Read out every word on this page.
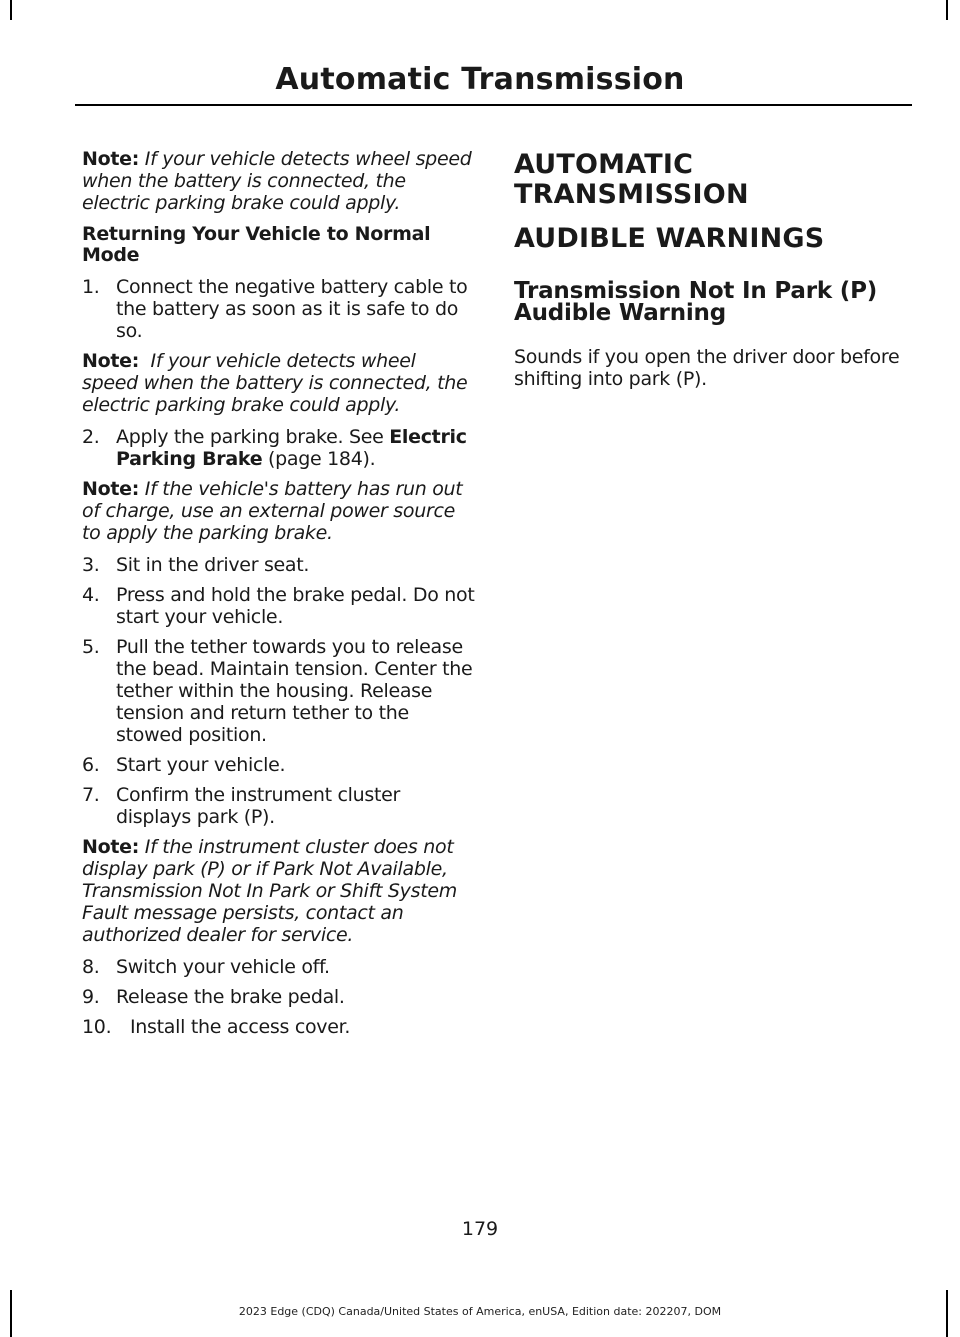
Automatic Transmission

Note: If your vehicle detects wheel speed when the battery is connected, the electric parking brake could apply.

Returning Your Vehicle to Normal Mode
1. Connect the negative battery cable to the battery as soon as it is safe to do so.

Note: If your vehicle detects wheel speed when the battery is connected, the electric parking brake could apply.

2. Apply the parking brake. See Electric Parking Brake (page 184).

Note: If the vehicle's battery has run out of charge, use an external power source to apply the parking brake.

3. Sit in the driver seat.
4. Press and hold the brake pedal. Do not start your vehicle.
5. Pull the tether towards you to release the bead. Maintain tension. Center the tether within the housing. Release tension and return tether to the stowed position.
6. Start your vehicle.
7. Confirm the instrument cluster displays park (P).

Note: If the instrument cluster does not display park (P) or if Park Not Available, Transmission Not In Park or Shift System Fault message persists, contact an authorized dealer for service.

8. Switch your vehicle off.
9. Release the brake pedal.
10. Install the access cover.
AUTOMATIC TRANSMISSION
AUDIBLE WARNINGS
Transmission Not In Park (P) Audible Warning

Sounds if you open the driver door before shifting into park (P).

179
2023 Edge (CDQ) Canada/United States of America, enUSA, Edition date: 202207, DOM
